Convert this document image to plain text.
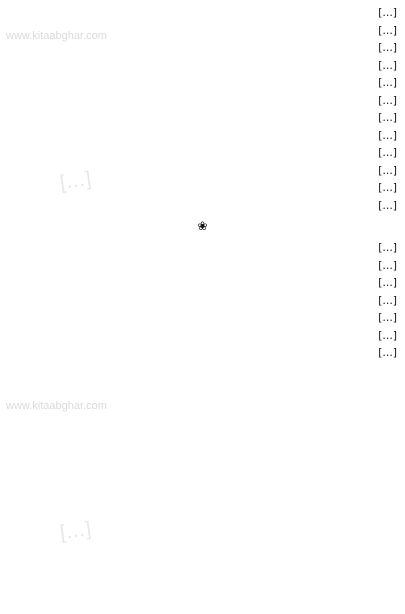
[…]

[…]

[…]

[…]

[…]

[…]

[…]

[…]

[…]

[…]

[…]

[…]

❀

[…]

[…]

[…]

[…]

[…]

[…]

[…]

www.kitaabghar.com
www.kitaabghar.com
[…]
[…]
